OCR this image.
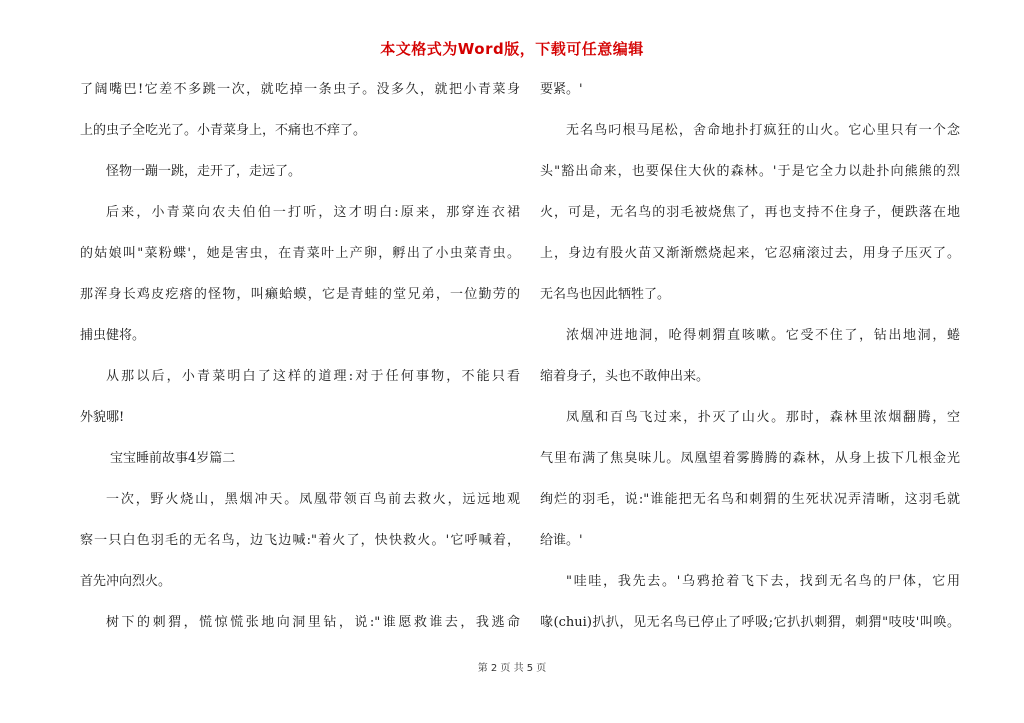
本文格式为Word版，下载可任意编辑
了阔嘴巴!它差不多跳一次，就吃掉一条虫子。没多久，就把小青菜身
上的虫子全吃光了。小青菜身上，不痛也不痒了。
怪物一蹦一跳，走开了，走远了。
后来，小青菜向农夫伯伯一打听，这才明白:原来，那穿连衣裙
的姑娘叫"菜粉蝶'，她是害虫，在青菜叶上产卵，孵出了小虫菜青虫。
那浑身长鸡皮疙瘩的怪物，叫癞蛤蟆，它是青蛙的堂兄弟，一位勤劳的
捕虫健将。
从那以后，小青菜明白了这样的道理:对于任何事物，不能只看
外貌哪!
宝宝睡前故事4岁篇二
一次，野火烧山，黑烟冲天。凤凰带领百鸟前去救火，远远地观
察一只白色羽毛的无名鸟，边飞边喊:"着火了，快快救火。'它呼喊着，
首先冲向烈火。
树下的刺猬，慌惊慌张地向洞里钻，说:"谁愿救谁去，我逃命
要紧。'
无名鸟叼根马尾松，舍命地扑打疯狂的山火。它心里只有一个念
头"豁出命来，也要保住大伙的森林。'于是它全力以赴扑向熊熊的烈
火，可是，无名鸟的羽毛被烧焦了，再也支持不住身子，便跌落在地
上，身边有股火苗又渐渐燃烧起来，它忍痛滚过去，用身子压灭了。
无名鸟也因此牺牲了。
浓烟冲进地洞，呛得刺猬直咳嗽。它受不住了，钻出地洞，蜷
缩着身子，头也不敢伸出来。
凤凰和百鸟飞过来，扑灭了山火。那时，森林里浓烟翻腾，空
气里布满了焦臭味儿。凤凰望着雾腾腾的森林，从身上拔下几根金光
绚烂的羽毛，说:"谁能把无名鸟和刺猬的生死状况弄清晰，这羽毛就
给谁。'
"哇哇，我先去。'乌鸦抢着飞下去，找到无名鸟的尸体，它用
喙(chui)扒扒，见无名鸟已停止了呼吸;它扒扒刺猬，刺猬"吱吱'叫唤。
第 2 页 共 5 页
